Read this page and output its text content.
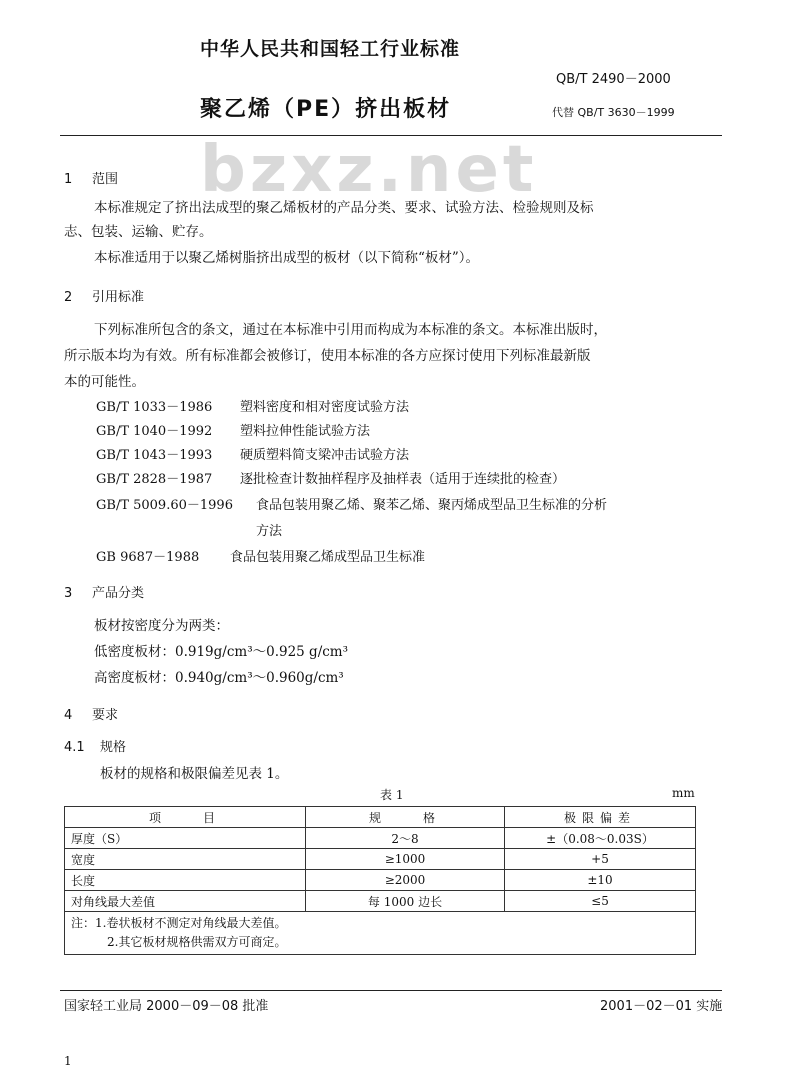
bzxz.net
中华人民共和国轻工行业标准
QB/T 2490－2000
聚乙烯（PE）挤出板材	代替 QB/T 3630－1999
1 范围
本标准规定了挤出法成型的聚乙烯板材的产品分类、要求、试验方法、检验规则及标
志、包装、运输、贮存。
本标准适用于以聚乙烯树脂挤出成型的板材（以下简称“板材”）。
2 引用标准
下列标准所包含的条文，通过在本标准中引用而构成为本标准的条文。本标准出版时，
所示版本均为有效。所有标准都会被修订，使用本标准的各方应探讨使用下列标准最新版
本的可能性。
GB/T 1033－1986 塑料密度和相对密度试验方法
GB/T 1040－1992 塑料拉伸性能试验方法
GB/T 1043－1993 硬质塑料简支梁冲击试验方法
GB/T 2828－1987 逐批检查计数抽样程序及抽样表（适用于连续批的检查）
GB/T 5009.60－1996 食品包装用聚乙烯、聚苯乙烯、聚丙烯成型品卫生标准的分析
方法
GB 9687－1988 食品包装用聚乙烯成型品卫生标准
3 产品分类
板材按密度分为两类：
低密度板材：0.919g/cm³～0.925 g/cm³
高密度板材：0.940g/cm³～0.960g/cm³
4 要求
4.1 规格
板材的规格和极限偏差见表 1。
表 1	mm
项　　目	规　　格	极限偏差
厚度（S）	2～8	±（0.08～0.03S）
宽度	≥1000	+5
长度	≥2000	±10
对角线最大差值	每 1000 边长	≤5

注：1.卷状板材不测定对角线最大差值。
2.其它板材规格供需双方可商定。		
国家轻工业局 2000－09－08 批准	2001－02－01 实施
1
